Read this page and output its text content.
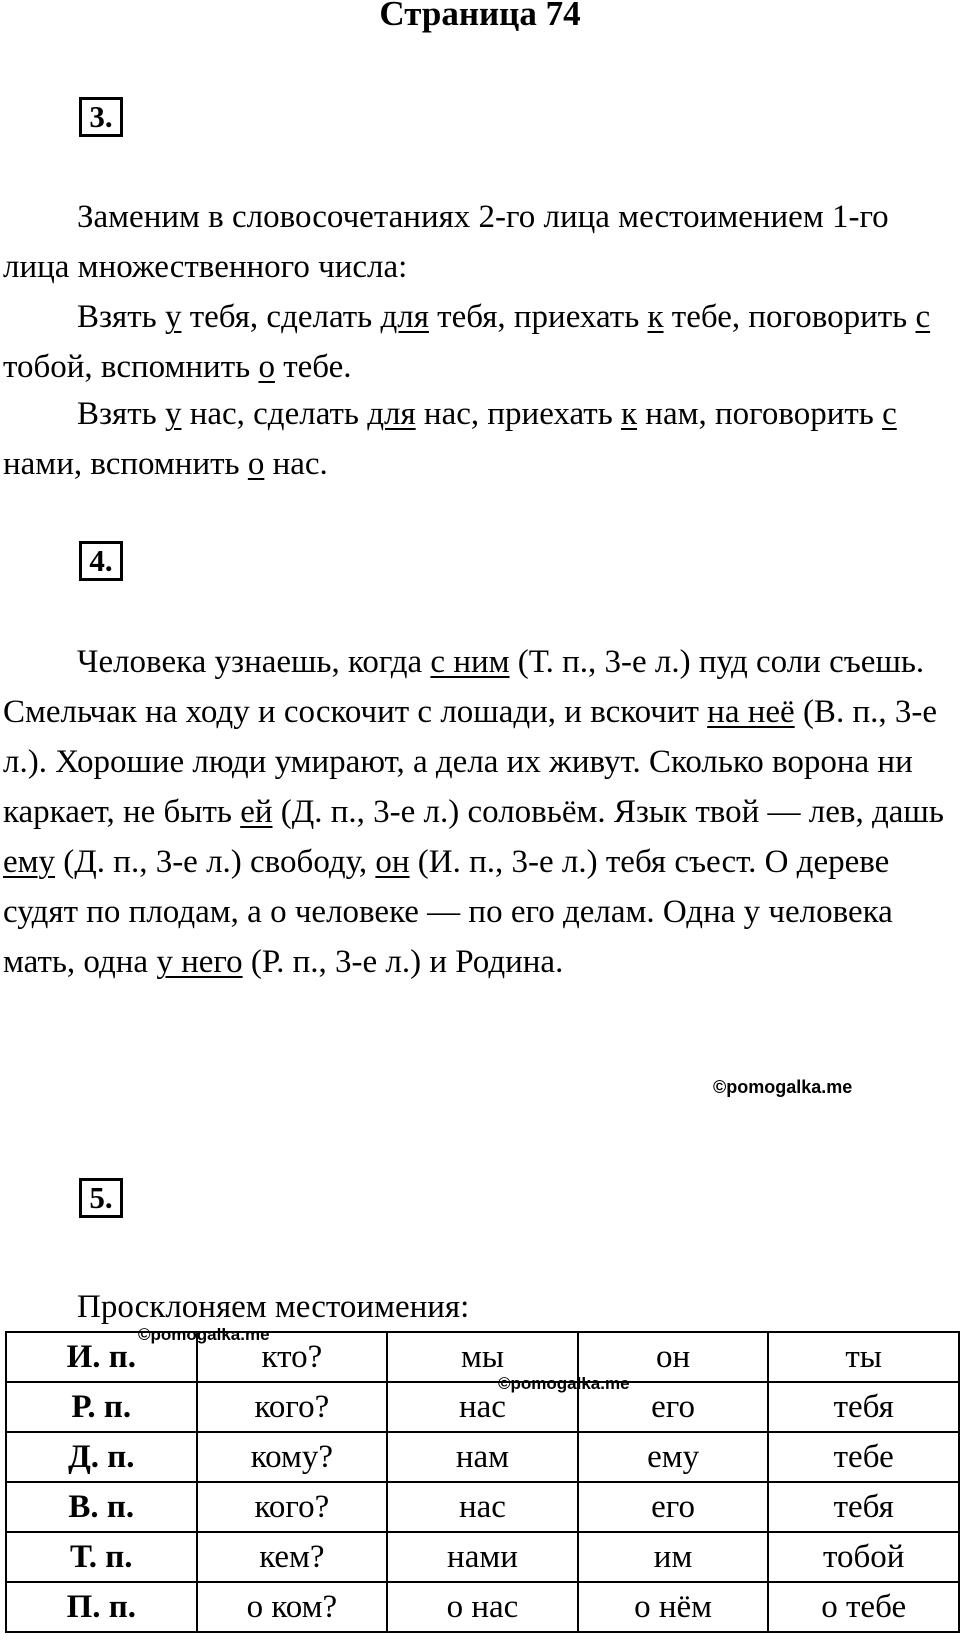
Страница 74
3.

Заменим в словосочетаниях 2-го лица местоимением 1-го лица множественного числа:

Взять у тебя, сделать для тебя, приехать к тебе, поговорить с тобой, вспомнить о тебе.

Взять у нас, сделать для нас, приехать к нам, поговорить с нами, вспомнить о нас.

4.

Человека узнаешь, когда с ним (Т. п., 3-е л.) пуд соли съешь. Смельчак на ходу и соскочит с лошади, и вскочит на неё (В. п., 3-е л.). Хорошие люди умирают, а дела их живут. Сколько ворона ни каркает, не быть ей (Д. п., 3-е л.) соловьём. Язык твой — лев, дашь ему (Д. п., 3-е л.) свободу, он (И. п., 3-е л.) тебя съест. О дереве судят по плодам, а о человеке — по его делам. Одна у человека мать, одна у него (Р. п., 3-е л.) и Родина.

©pomogalka.me
5.

Просклоняем местоимения:

И. п.	кто?	мы	он	ты
Р. п.	кого?	нас	его	тебя
Д. п.	кому?	нам	ему	тебе
В. п.	кого?	нас	его	тебя
Т. п.	кем?	нами	им	тобой
П. п.	о ком?	о нас	о нём	о тебе
©pomogalka.me
©pomogalka.me
